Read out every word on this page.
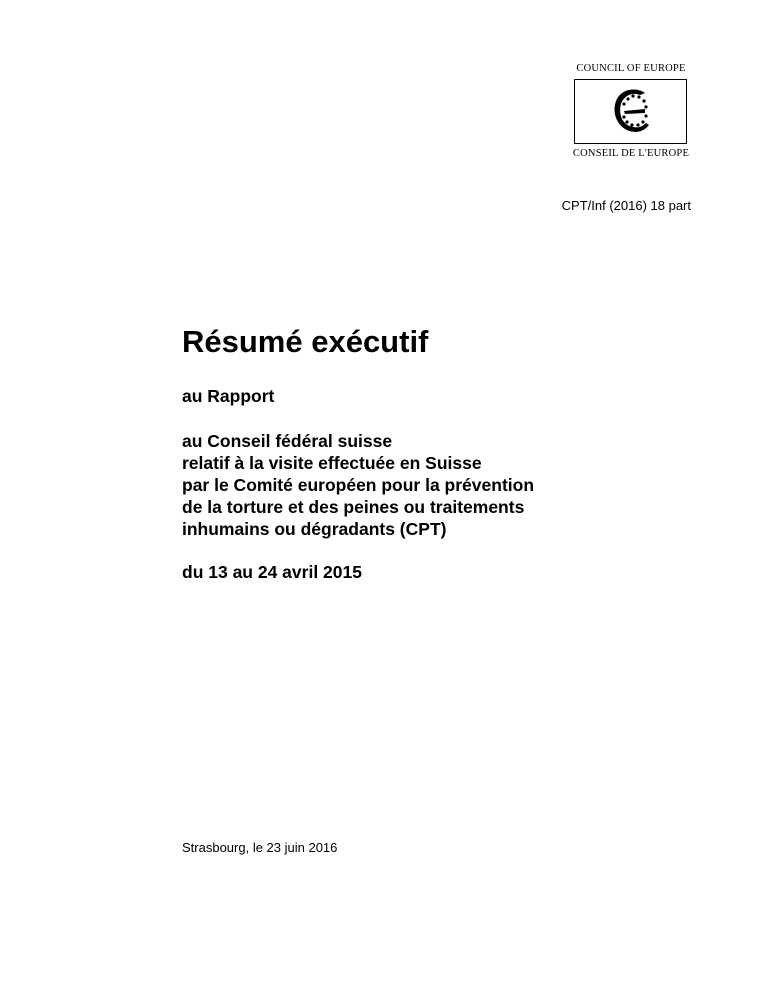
COUNCIL OF EUROPE
CONSEIL DE L'EUROPE
CPT/Inf (2016) 18 part
Résumé exécutif
au Rapport
au Conseil fédéral suisse
relatif à la visite effectuée en Suisse
par le Comité européen pour la prévention
de la torture et des peines ou traitements
inhumains ou dégradants (CPT)
du 13 au 24 avril 2015
Strasbourg, le 23 juin 2016
